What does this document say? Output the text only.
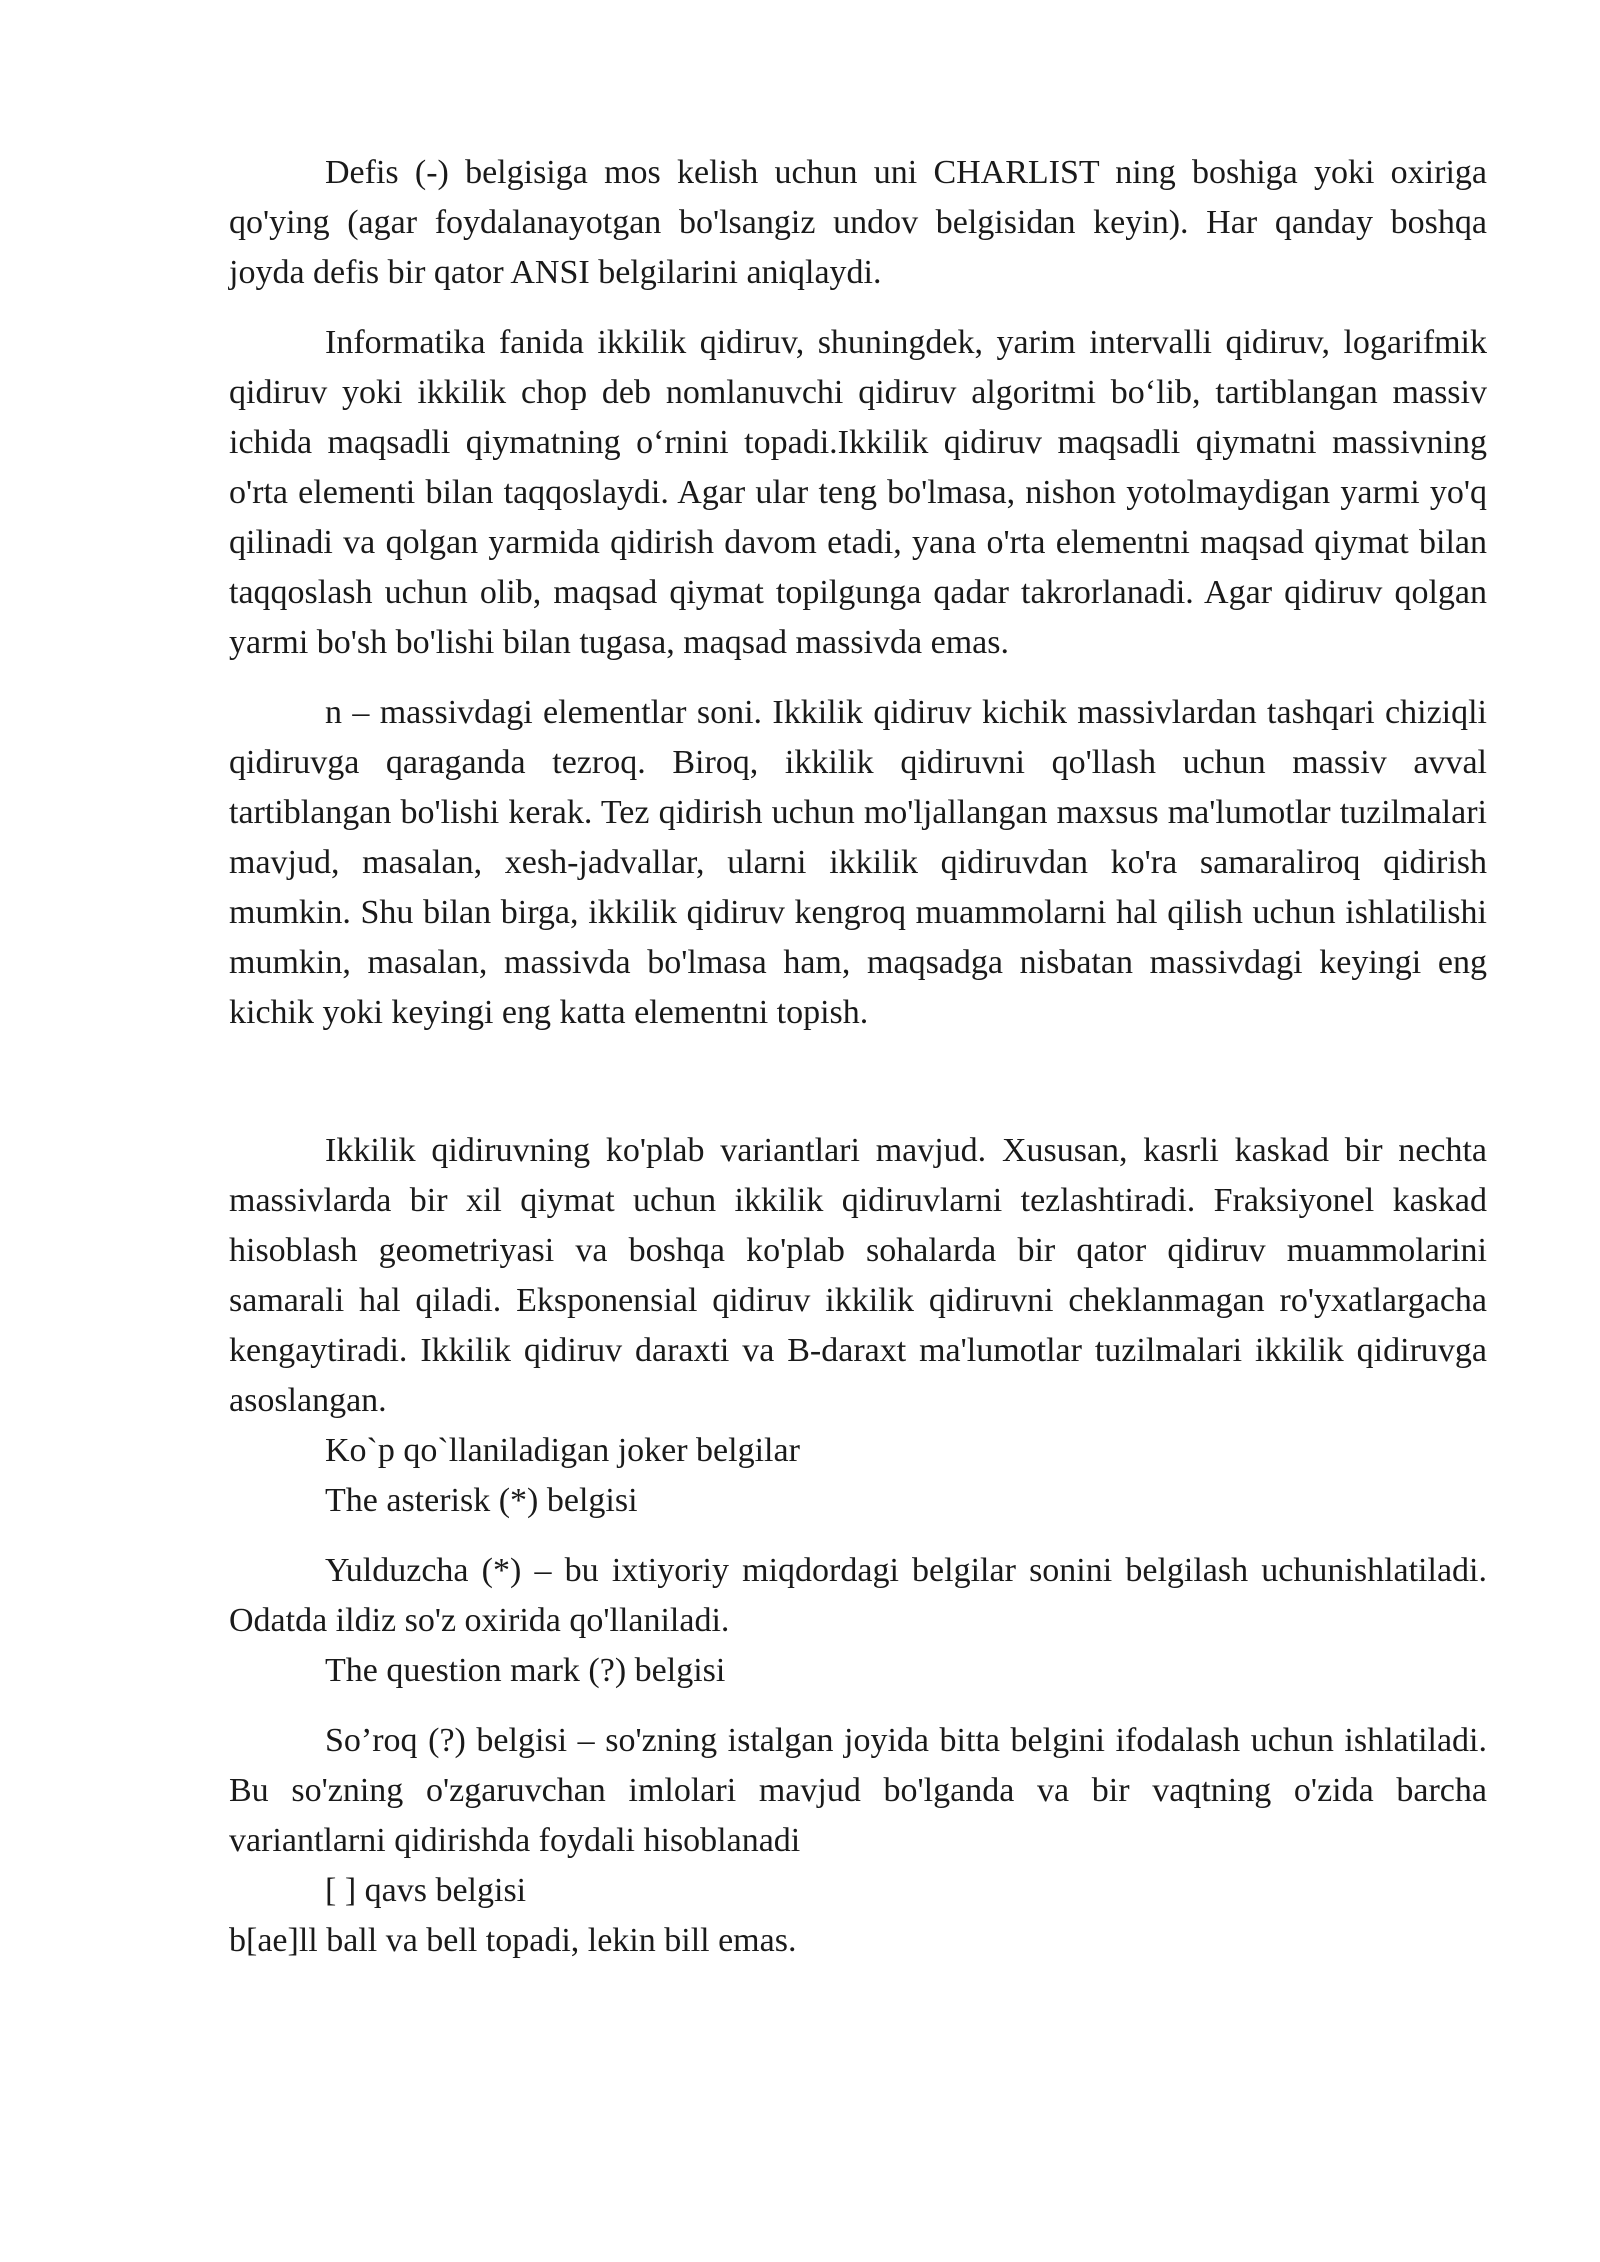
Defis (-) belgisiga mos kelish uchun uni CHARLIST ning boshiga yoki oxiriga qo'ying (agar foydalanayotgan bo'lsangiz undov belgisidan keyin). Har qanday boshqa joyda defis bir qator ANSI belgilarini aniqlaydi.

Informatika fanida ikkilik qidiruv, shuningdek, yarim intervalli qidiruv, logarifmik qidiruv yoki ikkilik chop deb nomlanuvchi qidiruv algoritmi bo‘lib, tartiblangan massiv ichida maqsadli qiymatning o‘rnini topadi.Ikkilik qidiruv maqsadli qiymatni massivning o'rta elementi bilan taqqoslaydi. Agar ular teng bo'lmasa, nishon yotolmaydigan yarmi yo'q qilinadi va qolgan yarmida qidirish davom etadi, yana o'rta elementni maqsad qiymat bilan taqqoslash uchun olib, maqsad qiymat topilgunga qadar takrorlanadi. Agar qidiruv qolgan yarmi bo'sh bo'lishi bilan tugasa, maqsad massivda emas.

n – massivdagi elementlar soni. Ikkilik qidiruv kichik massivlardan tashqari chiziqli qidiruvga qaraganda tezroq. Biroq, ikkilik qidiruvni qo'llash uchun massiv avval tartiblangan bo'lishi kerak. Tez qidirish uchun mo'ljallangan maxsus ma'lumotlar tuzilmalari mavjud, masalan, xesh-jadvallar, ularni ikkilik qidiruvdan ko'ra samaraliroq qidirish mumkin. Shu bilan birga, ikkilik qidiruv kengroq muammolarni hal qilish uchun ishlatilishi mumkin, masalan, massivda bo'lmasa ham, maqsadga nisbatan massivdagi keyingi eng kichik yoki keyingi eng katta elementni topish.

Ikkilik qidiruvning ko'plab variantlari mavjud. Xususan, kasrli kaskad bir nechta massivlarda bir xil qiymat uchun ikkilik qidiruvlarni tezlashtiradi. Fraksiyonel kaskad hisoblash geometriyasi va boshqa ko'plab sohalarda bir qator qidiruv muammolarini samarali hal qiladi. Eksponensial qidiruv ikkilik qidiruvni cheklanmagan ro'yxatlargacha kengaytiradi. Ikkilik qidiruv daraxti va B-daraxt ma'lumotlar tuzilmalari ikkilik qidiruvga asoslangan.

Ko`p qo`llaniladigan joker belgilar

The asterisk (*) belgisi

Yulduzcha (*) – bu ixtiyoriy miqdordagi belgilar sonini belgilash uchunishlatiladi. Odatda ildiz so'z oxirida qo'llaniladi.

The question mark (?) belgisi

So’roq (?) belgisi – so'zning istalgan joyida bitta belgini ifodalash uchun ishlatiladi. Bu so'zning o'zgaruvchan imlolari mavjud bo'lganda va bir vaqtning o'zida barcha variantlarni qidirishda foydali hisoblanadi

[ ] qavs belgisi

b[ae]ll ball va bell topadi, lekin bill emas.
